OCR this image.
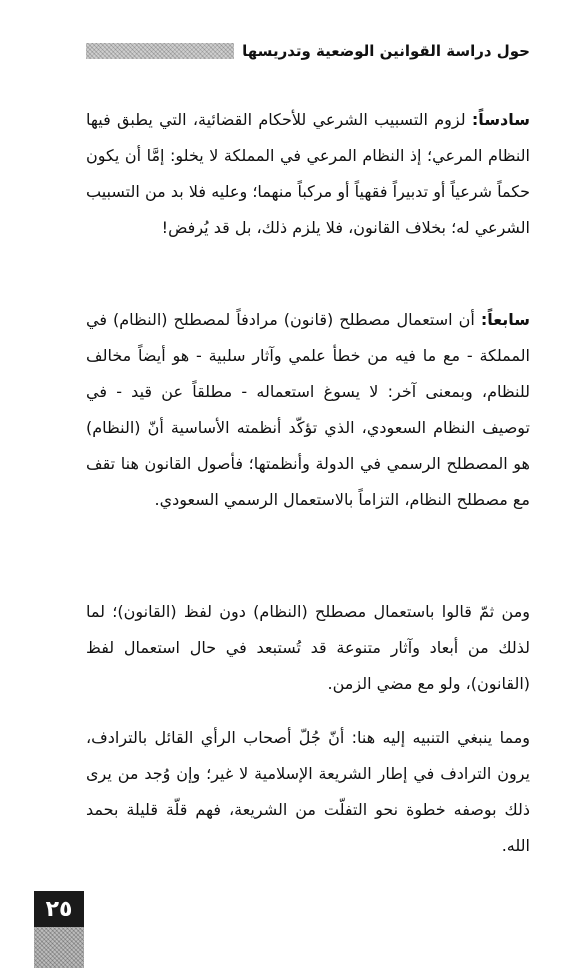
حول دراسة القوانين الوضعية وتدريسها

سادساً: لزوم التسبيب الشرعي للأحكام القضائية، التي يطبق فيها النظام المرعي؛ إذ النظام المرعي في المملكة لا يخلو: إمَّا أن يكون حكماً شرعياً أو تدبيراً فقهياً أو مركباً منهما؛ وعليه فلا بد من التسبيب الشرعي له؛ بخلاف القانون، فلا يلزم ذلك، بل قد يُرفض!

سابعاً: أن استعمال مصطلح (قانون) مرادفاً لمصطلح (النظام) في المملكة - مع ما فيه من خطأ علمي وآثار سلبية - هو أيضاً مخالف للنظام، وبمعنى آخر: لا يسوغ استعماله - مطلقاً عن قيد - في توصيف النظام السعودي، الذي تؤكّد أنظمته الأساسية أنّ (النظام) هو المصطلح الرسمي في الدولة وأنظمتها؛ فأصول القانون هنا تقف مع مصطلح النظام، التزاماً بالاستعمال الرسمي السعودي.

ومن ثمّ قالوا باستعمال مصطلح (النظام) دون لفظ (القانون)؛ لما لذلك من أبعاد وآثار متنوعة قد تُستبعد في حال استعمال لفظ (القانون)، ولو مع مضي الزمن.

ومما ينبغي التنبيه إليه هنا: أنّ جُلّ أصحاب الرأي القائل بالترادف، يرون الترادف في إطار الشريعة الإسلامية لا غير؛ وإن وُجد من يرى ذلك بوصفه خطوة نحو التفلّت من الشريعة، فهم قلّة قليلة بحمد الله.

٢٥
